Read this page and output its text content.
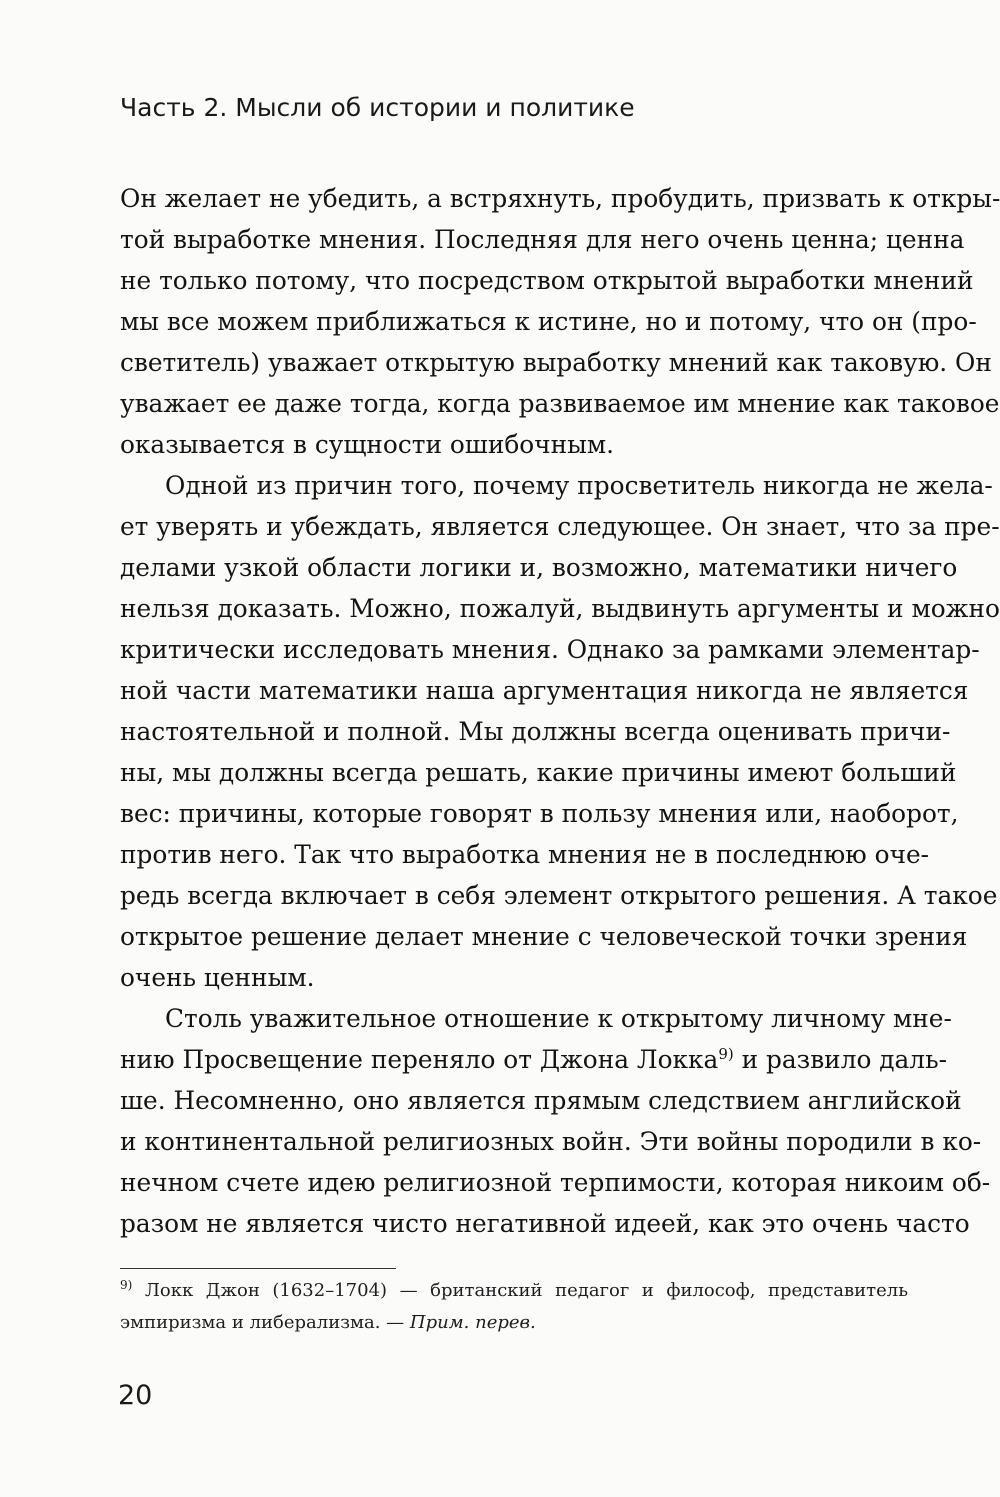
Часть 2. Мысли об истории и политике
Он желает не убедить, а встряхнуть, пробудить, призвать к откры-
той выработке мнения. Последняя для него очень ценна; ценна
не только потому, что посредством открытой выработки мнений
мы все можем приближаться к истине, но и потому, что он (про-
светитель) уважает открытую выработку мнений как таковую. Он
уважает ее даже тогда, когда развиваемое им мнение как таковое
оказывается в сущности ошибочным.
Одной из причин того, почему просветитель никогда не жела-
ет уверять и убеждать, является следующее. Он знает, что за пре-
делами узкой области логики и, возможно, математики ничего
нельзя доказать. Можно, пожалуй, выдвинуть аргументы и можно
критически исследовать мнения. Однако за рамками элементар-
ной части математики наша аргументация никогда не является
настоятельной и полной. Мы должны всегда оценивать причи-
ны, мы должны всегда решать, какие причины имеют больший
вес: причины, которые говорят в пользу мнения или, наоборот,
против него. Так что выработка мнения не в последнюю оче-
редь всегда включает в себя элемент открытого решения. А такое
открытое решение делает мнение с человеческой точки зрения
очень ценным.
Столь уважительное отношение к открытому личному мне-
нию Просвещение переняло от Джона Локка$^{9)}$ и развило даль-
ше. Несомненно, оно является прямым следствием английской
и континентальной религиозных войн. Эти войны породили в ко-
нечном счете идею религиозной терпимости, которая никоим об-
разом не является чисто негативной идеей, как это очень часто
$^{9)}$ Локк Джон (1632–1704) — британский педагог и философ, представитель
эмпиризма и либерализма. — Прим. перев.
20
